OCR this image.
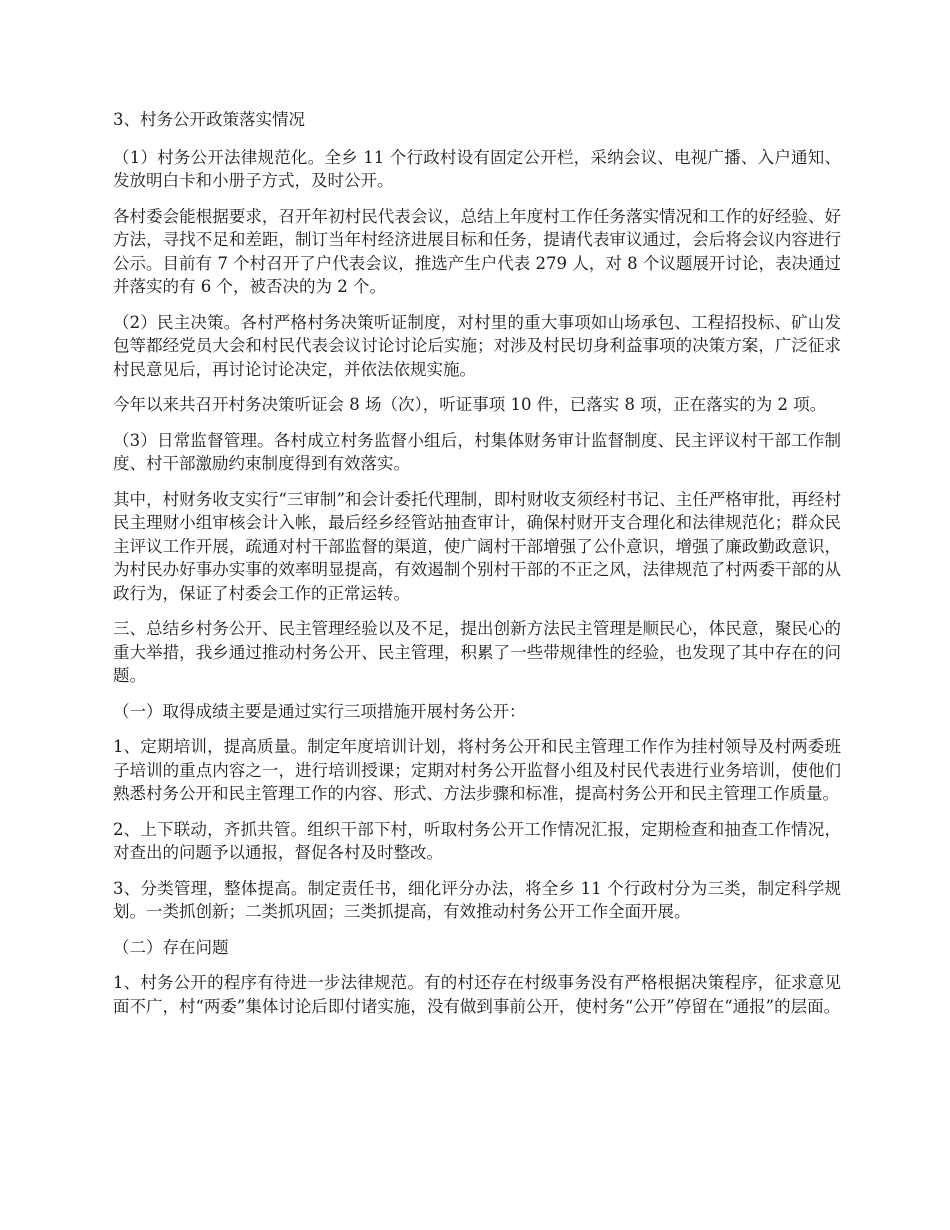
3、村务公开政策落实情况

（1）村务公开法律规范化。全乡 11 个行政村设有固定公开栏，采纳会议、电视广播、入户通知、发放明白卡和小册子方式，及时公开。

各村委会能根据要求，召开年初村民代表会议，总结上年度村工作任务落实情况和工作的好经验、好方法，寻找不足和差距，制订当年村经济进展目标和任务，提请代表审议通过，会后将会议内容进行公示。目前有 7 个村召开了户代表会议，推选产生户代表 279 人，对 8 个议题展开讨论，表决通过并落实的有 6 个，被否决的为 2 个。

（2）民主决策。各村严格村务决策听证制度，对村里的重大事项如山场承包、工程招投标、矿山发包等都经党员大会和村民代表会议讨论讨论后实施；对涉及村民切身利益事项的决策方案，广泛征求村民意见后，再讨论讨论决定，并依法依规实施。

今年以来共召开村务决策听证会 8 场（次），听证事项 10 件，已落实 8 项，正在落实的为 2 项。

（3）日常监督管理。各村成立村务监督小组后，村集体财务审计监督制度、民主评议村干部工作制度、村干部激励约束制度得到有效落实。

其中，村财务收支实行“三审制”和会计委托代理制，即村财收支须经村书记、主任严格审批，再经村民主理财小组审核会计入帐，最后经乡经管站抽查审计，确保村财开支合理化和法律规范化；群众民主评议工作开展，疏通对村干部监督的渠道，使广阔村干部增强了公仆意识，增强了廉政勤政意识，为村民办好事办实事的效率明显提高，有效遏制个别村干部的不正之风，法律规范了村两委干部的从政行为，保证了村委会工作的正常运转。

三、总结乡村务公开、民主管理经验以及不足，提出创新方法民主管理是顺民心，体民意，聚民心的重大举措，我乡通过推动村务公开、民主管理，积累了一些带规律性的经验，也发现了其中存在的问题。

（一）取得成绩主要是通过实行三项措施开展村务公开：

1、定期培训，提高质量。制定年度培训计划，将村务公开和民主管理工作作为挂村领导及村两委班子培训的重点内容之一，进行培训授课；定期对村务公开监督小组及村民代表进行业务培训，使他们熟悉村务公开和民主管理工作的内容、形式、方法步骤和标准，提高村务公开和民主管理工作质量。

2、上下联动，齐抓共管。组织干部下村，听取村务公开工作情况汇报，定期检查和抽查工作情况，对查出的问题予以通报，督促各村及时整改。

3、分类管理，整体提高。制定责任书，细化评分办法，将全乡 11 个行政村分为三类，制定科学规划。一类抓创新；二类抓巩固；三类抓提高，有效推动村务公开工作全面开展。

（二）存在问题

1、村务公开的程序有待进一步法律规范。有的村还存在村级事务没有严格根据决策程序，征求意见面不广，村“两委”集体讨论后即付诸实施，没有做到事前公开，使村务“公开”停留在“通报”的层面。
